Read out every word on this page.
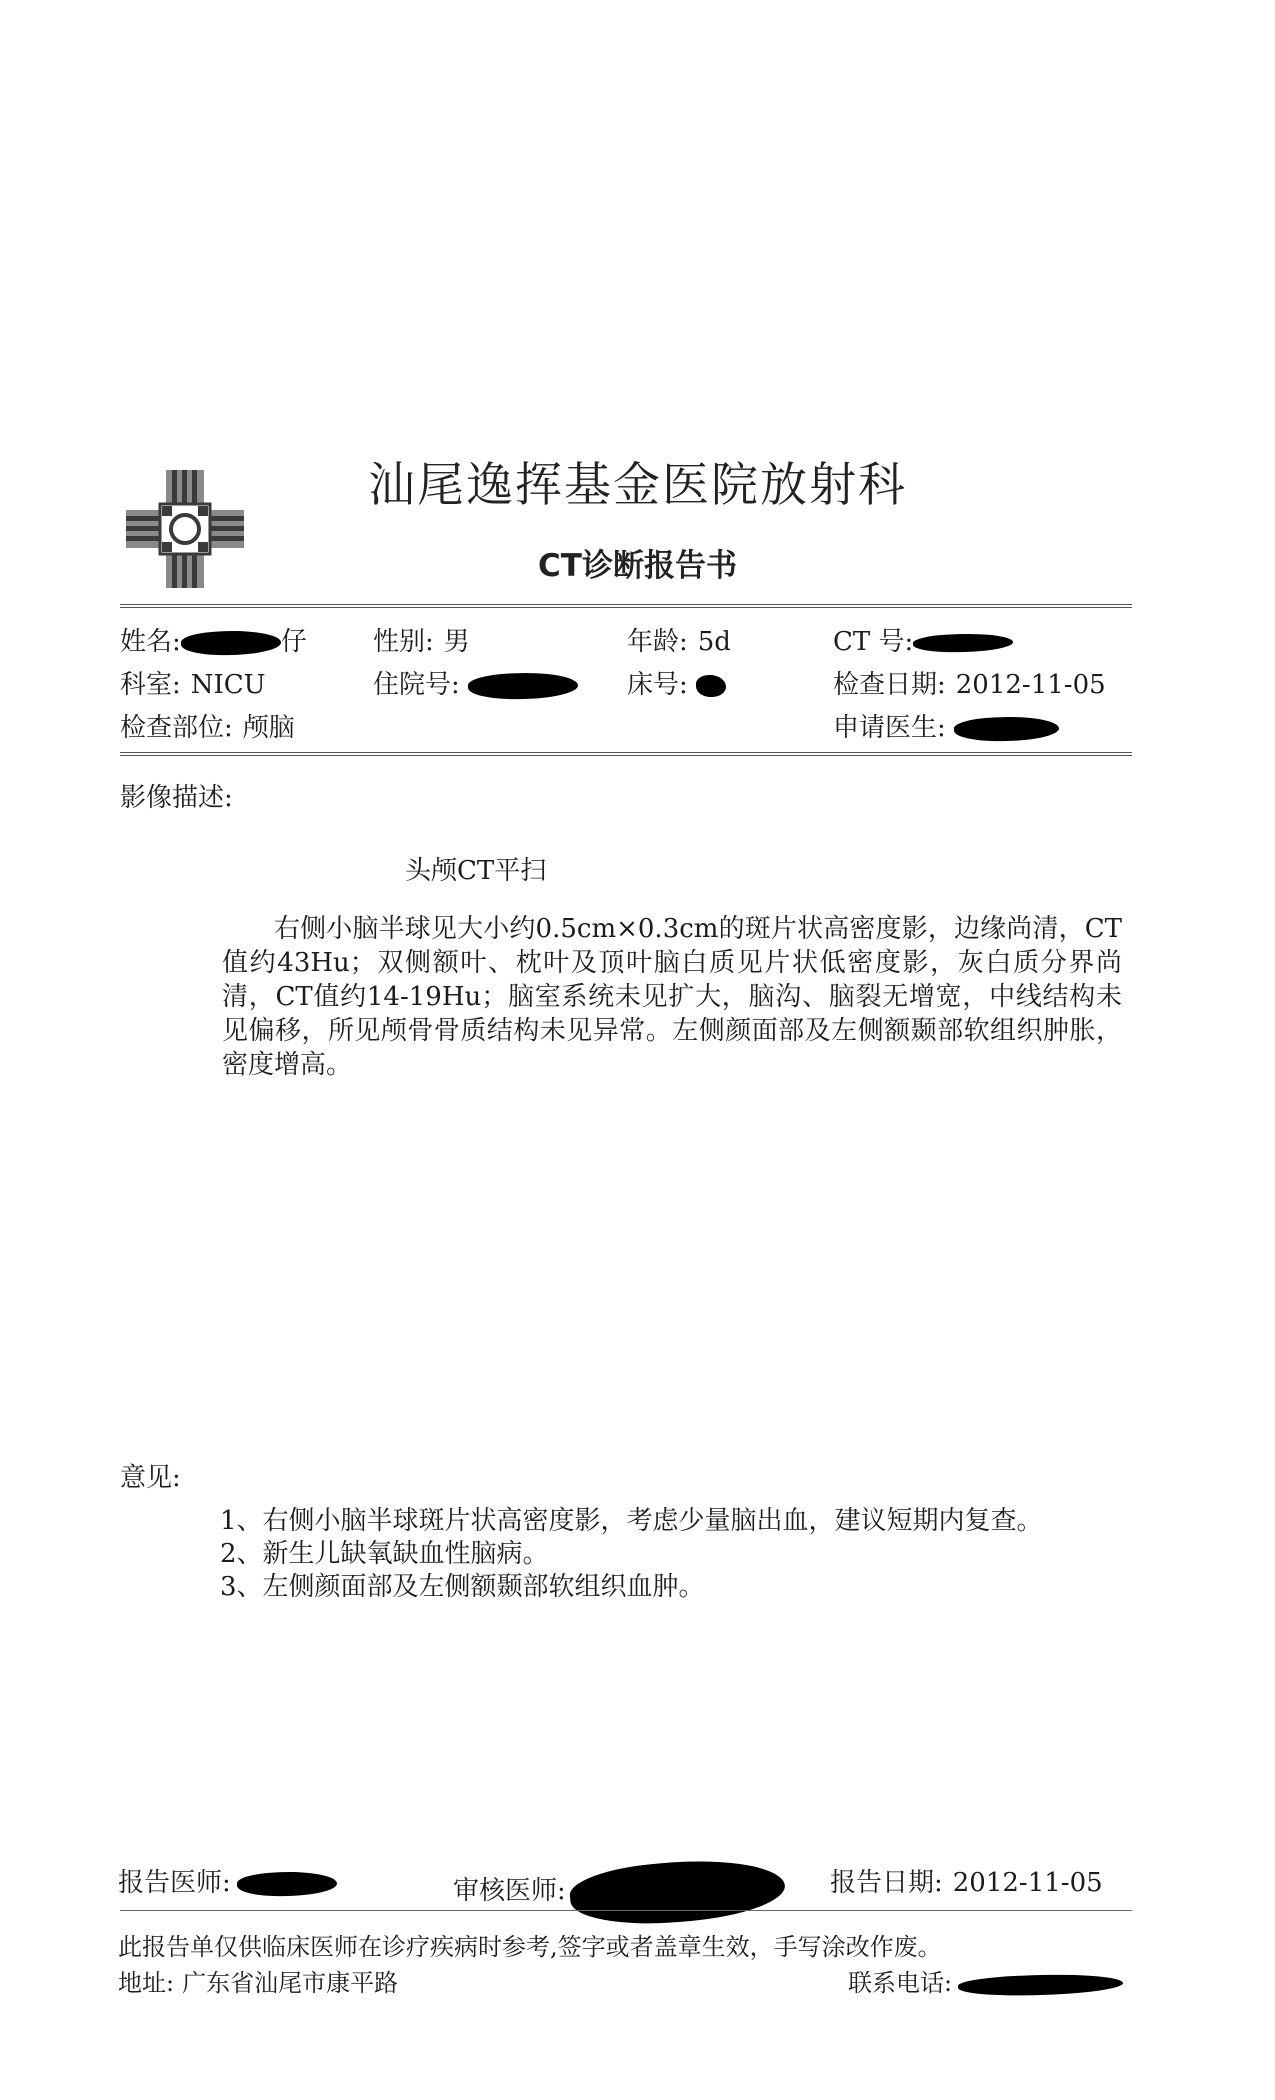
汕尾逸挥基金医院放射科
CT诊断报告书
姓名:	仔	性别: 男	年龄: 5d	CT 号:
科室: NICU	住院号:	床号:	检查日期: 2012-11-05
检查部位: 颅脑	申请医生:
影像描述:
头颅CT平扫
右侧小脑半球见大小约0.5cm×0.3cm的斑片状高密度影，边缘尚清，CT值约43Hu；双侧额叶、枕叶及顶叶脑白质见片状低密度影，灰白质分界尚清，CT值约14-19Hu；脑室系统未见扩大，脑沟、脑裂无增宽，中线结构未见偏移，所见颅骨骨质结构未见异常。左侧颜面部及左侧额颞部软组织肿胀，密度增高。
意见:
1、右侧小脑半球斑片状高密度影，考虑少量脑出血，建议短期内复查。
2、新生儿缺氧缺血性脑病。
3、左侧颜面部及左侧额颞部软组织血肿。
报告医师:	审核医师:	报告日期: 2012-11-05
此报告单仅供临床医师在诊疗疾病时参考,签字或者盖章生效，手写涂改作废。
地址: 广东省汕尾市康平路	联系电话:
